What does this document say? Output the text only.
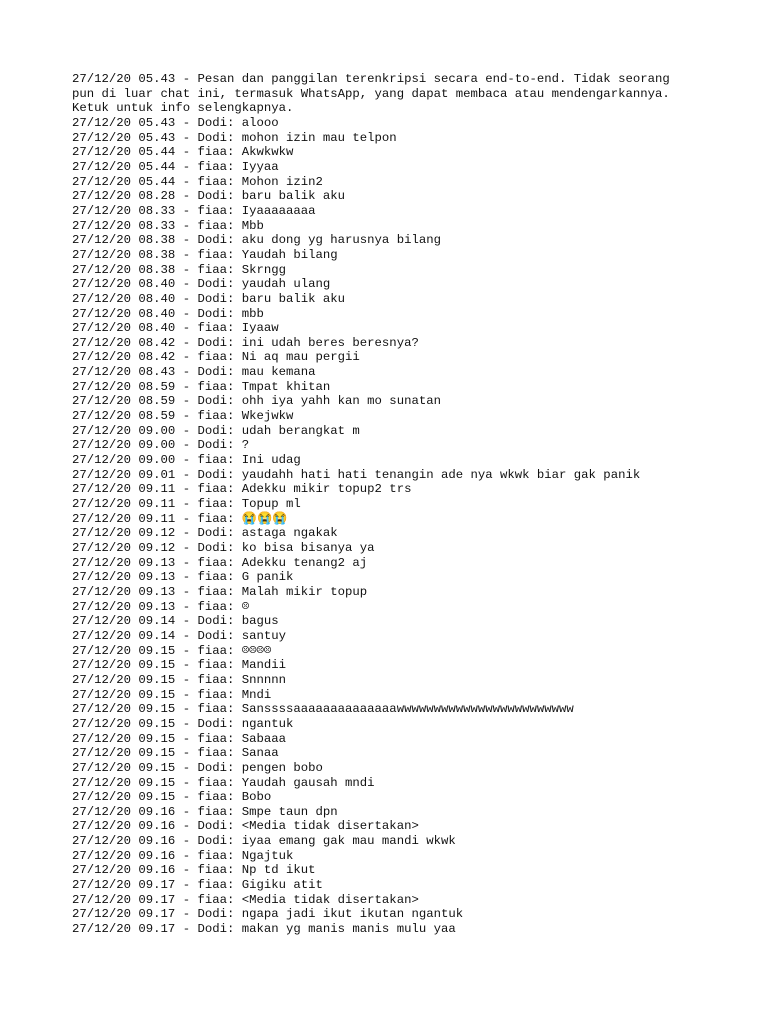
27/12/20 05.43 - Pesan dan panggilan terenkripsi secara end-to-end. Tidak seorang
pun di luar chat ini, termasuk WhatsApp, yang dapat membaca atau mendengarkannya.
Ketuk untuk info selengkapnya.
27/12/20 05.43 - Dodi: alooo
27/12/20 05.43 - Dodi: mohon izin mau telpon
27/12/20 05.44 - fiaa: Akwkwkw
27/12/20 05.44 - fiaa: Iyyaa
27/12/20 05.44 - fiaa: Mohon izin2
27/12/20 08.28 - Dodi: baru balik aku
27/12/20 08.33 - fiaa: Iyaaaaaaaa
27/12/20 08.33 - fiaa: Mbb
27/12/20 08.38 - Dodi: aku dong yg harusnya bilang
27/12/20 08.38 - fiaa: Yaudah bilang
27/12/20 08.38 - fiaa: Skrngg
27/12/20 08.40 - Dodi: yaudah ulang
27/12/20 08.40 - Dodi: baru balik aku
27/12/20 08.40 - Dodi: mbb
27/12/20 08.40 - fiaa: Iyaaw
27/12/20 08.42 - Dodi: ini udah beres beresnya?
27/12/20 08.42 - fiaa: Ni aq mau pergii
27/12/20 08.43 - Dodi: mau kemana
27/12/20 08.59 - fiaa: Tmpat khitan
27/12/20 08.59 - Dodi: ohh iya yahh kan mo sunatan
27/12/20 08.59 - fiaa: Wkejwkw
27/12/20 09.00 - Dodi: udah berangkat m
27/12/20 09.00 - Dodi: ?
27/12/20 09.00 - fiaa: Ini udag
27/12/20 09.01 - Dodi: yaudahh hati hati tenangin ade nya wkwk biar gak panik
27/12/20 09.11 - fiaa: Adekku mikir topup2 trs
27/12/20 09.11 - fiaa: Topup ml
27/12/20 09.11 - fiaa: 😭😭😭
27/12/20 09.12 - Dodi: astaga ngakak
27/12/20 09.12 - Dodi: ko bisa bisanya ya
27/12/20 09.13 - fiaa: Adekku tenang2 aj
27/12/20 09.13 - fiaa: G panik
27/12/20 09.13 - fiaa: Malah mikir topup
27/12/20 09.13 - fiaa: ☹
27/12/20 09.14 - Dodi: bagus
27/12/20 09.14 - Dodi: santuy
27/12/20 09.15 - fiaa: ☹☹☹☹
27/12/20 09.15 - fiaa: Mandii
27/12/20 09.15 - fiaa: Snnnnn
27/12/20 09.15 - fiaa: Mndi
27/12/20 09.15 - fiaa: Sanssssaaaaaaaaaaaaaawwwwwwwwwwwwwwwwwwwwwwww
27/12/20 09.15 - Dodi: ngantuk
27/12/20 09.15 - fiaa: Sabaaa
27/12/20 09.15 - fiaa: Sanaa
27/12/20 09.15 - Dodi: pengen bobo
27/12/20 09.15 - fiaa: Yaudah gausah mndi
27/12/20 09.15 - fiaa: Bobo
27/12/20 09.16 - fiaa: Smpe taun dpn
27/12/20 09.16 - Dodi: <Media tidak disertakan>
27/12/20 09.16 - Dodi: iyaa emang gak mau mandi wkwk
27/12/20 09.16 - fiaa: Ngajtuk
27/12/20 09.16 - fiaa: Np td ikut
27/12/20 09.17 - fiaa: Gigiku atit
27/12/20 09.17 - fiaa: <Media tidak disertakan>
27/12/20 09.17 - Dodi: ngapa jadi ikut ikutan ngantuk
27/12/20 09.17 - Dodi: makan yg manis manis mulu yaa
